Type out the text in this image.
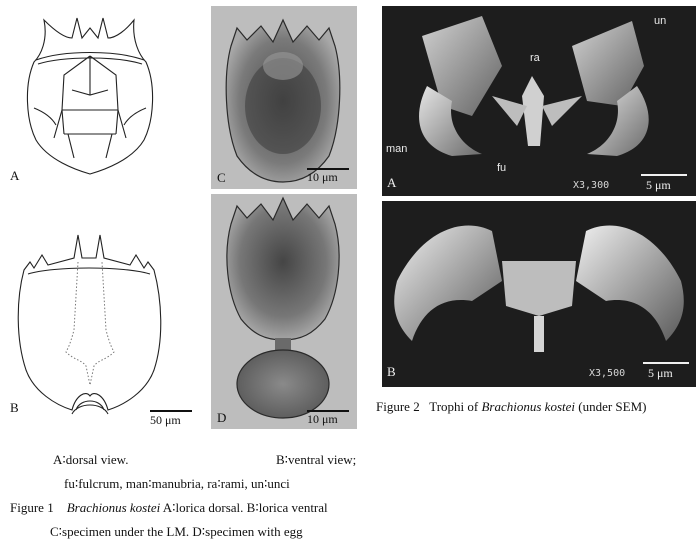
A
B
50 μm
C	10 μm
D	10 μm
un
ra
man
fu
A	X3,300	5 μm
B	X3,500 5 μm
Figure 2 Trophi of Brachionus kostei (under SEM)
A∶dorsal view.	B∶ventral view;
fu∶fulcrum, man∶manubria, ra∶rami, un∶unci
Figure 1 Brachionus kostei A∶lorica dorsal. B∶lorica ventral
C∶specimen under the LM. D∶specimen with egg
